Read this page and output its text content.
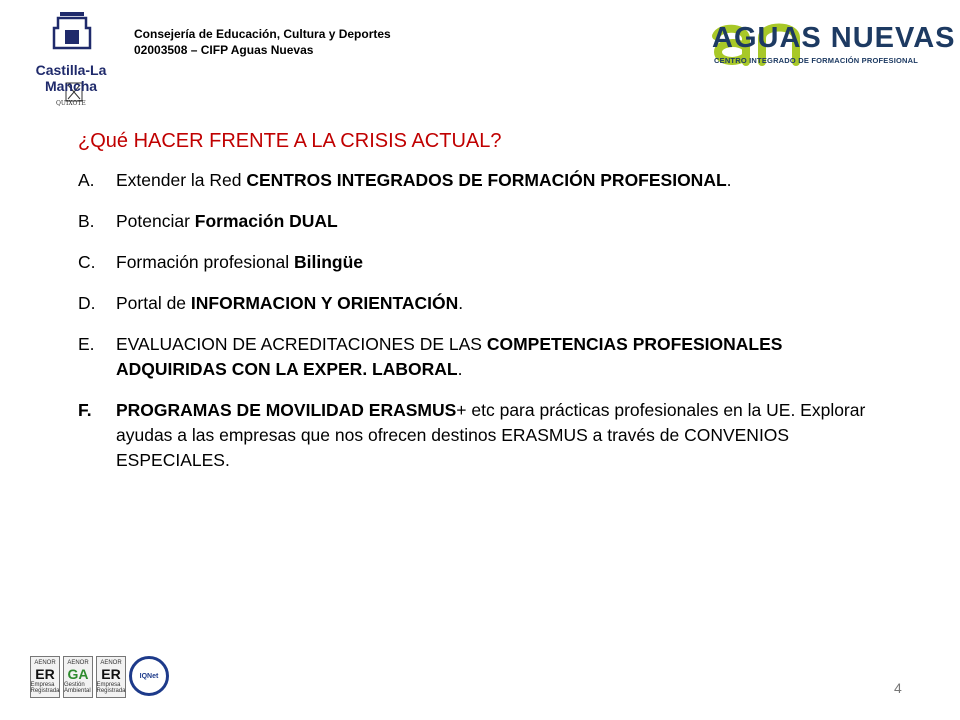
Castilla-La Mancha
QUIXOTE
Consejería de Educación, Cultura y Deportes
02003508 – CIFP Aguas Nuevas	AGUAS NUEVAS
CENTRO INTEGRADO DE FORMACIÓN PROFESIONAL
¿Qué HACER FRENTE A LA CRISIS ACTUAL?
A.	Extender la Red CENTROS INTEGRADOS DE FORMACIÓN PROFESIONAL.
B.	Potenciar Formación DUAL
C.	Formación profesional Bilingüe
D.	Portal de INFORMACION Y ORIENTACIÓN.
E.	EVALUACION DE ACREDITACIONES DE LAS COMPETENCIAS PROFESIONALES ADQUIRIDAS CON LA EXPER. LABORAL.
F.	PROGRAMAS DE MOVILIDAD ERASMUS+ etc para prácticas profesionales en la UE. Explorar ayudas a las empresas que nos ofrecen destinos ERASMUS a través de CONVENIOS ESPECIALES.
AENOR
ER
Empresa Registrada
AENOR
GA
Gestión Ambiental
AENOR
ER
Empresa Registrada
IQNet
4
